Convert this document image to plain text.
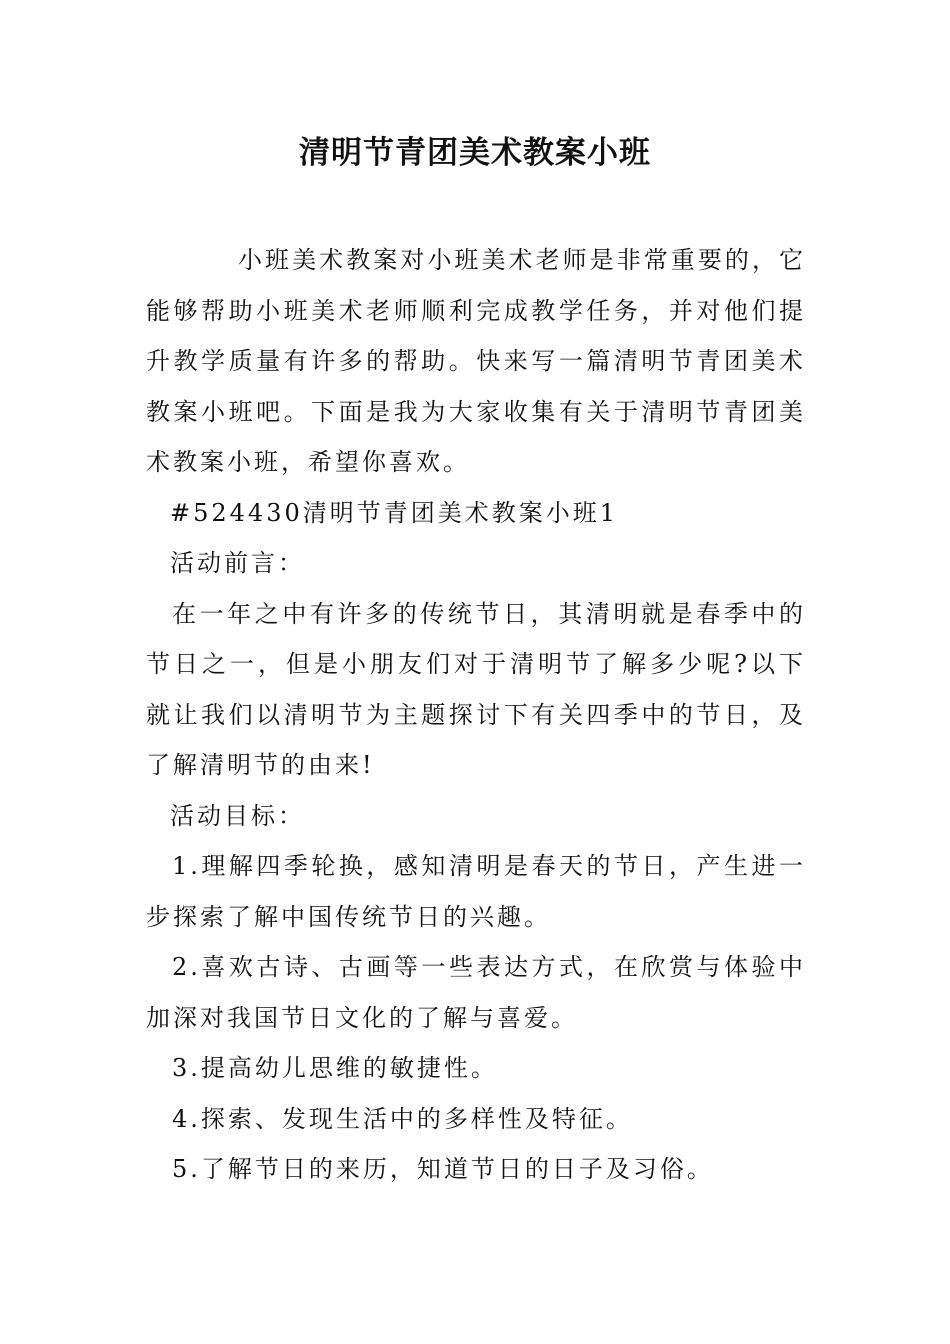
清明节青团美术教案小班

小班美术教案对小班美术老师是非常重要的，它能够帮助小班美术老师顺利完成教学任务，并对他们提升教学质量有许多的帮助。快来写一篇清明节青团美术教案小班吧。下面是我为大家收集有关于清明节青团美术教案小班，希望你喜欢。

#524430清明节青团美术教案小班1

活动前言：

在一年之中有许多的传统节日，其清明就是春季中的节日之一，但是小朋友们对于清明节了解多少呢?以下就让我们以清明节为主题探讨下有关四季中的节日，及了解清明节的由来!

活动目标：

1.理解四季轮换，感知清明是春天的节日，产生进一步探索了解中国传统节日的兴趣。

2.喜欢古诗、古画等一些表达方式，在欣赏与体验中加深对我国节日文化的了解与喜爱。

3.提高幼儿思维的敏捷性。

4.探索、发现生活中的多样性及特征。

5.了解节日的来历，知道节日的日子及习俗。
